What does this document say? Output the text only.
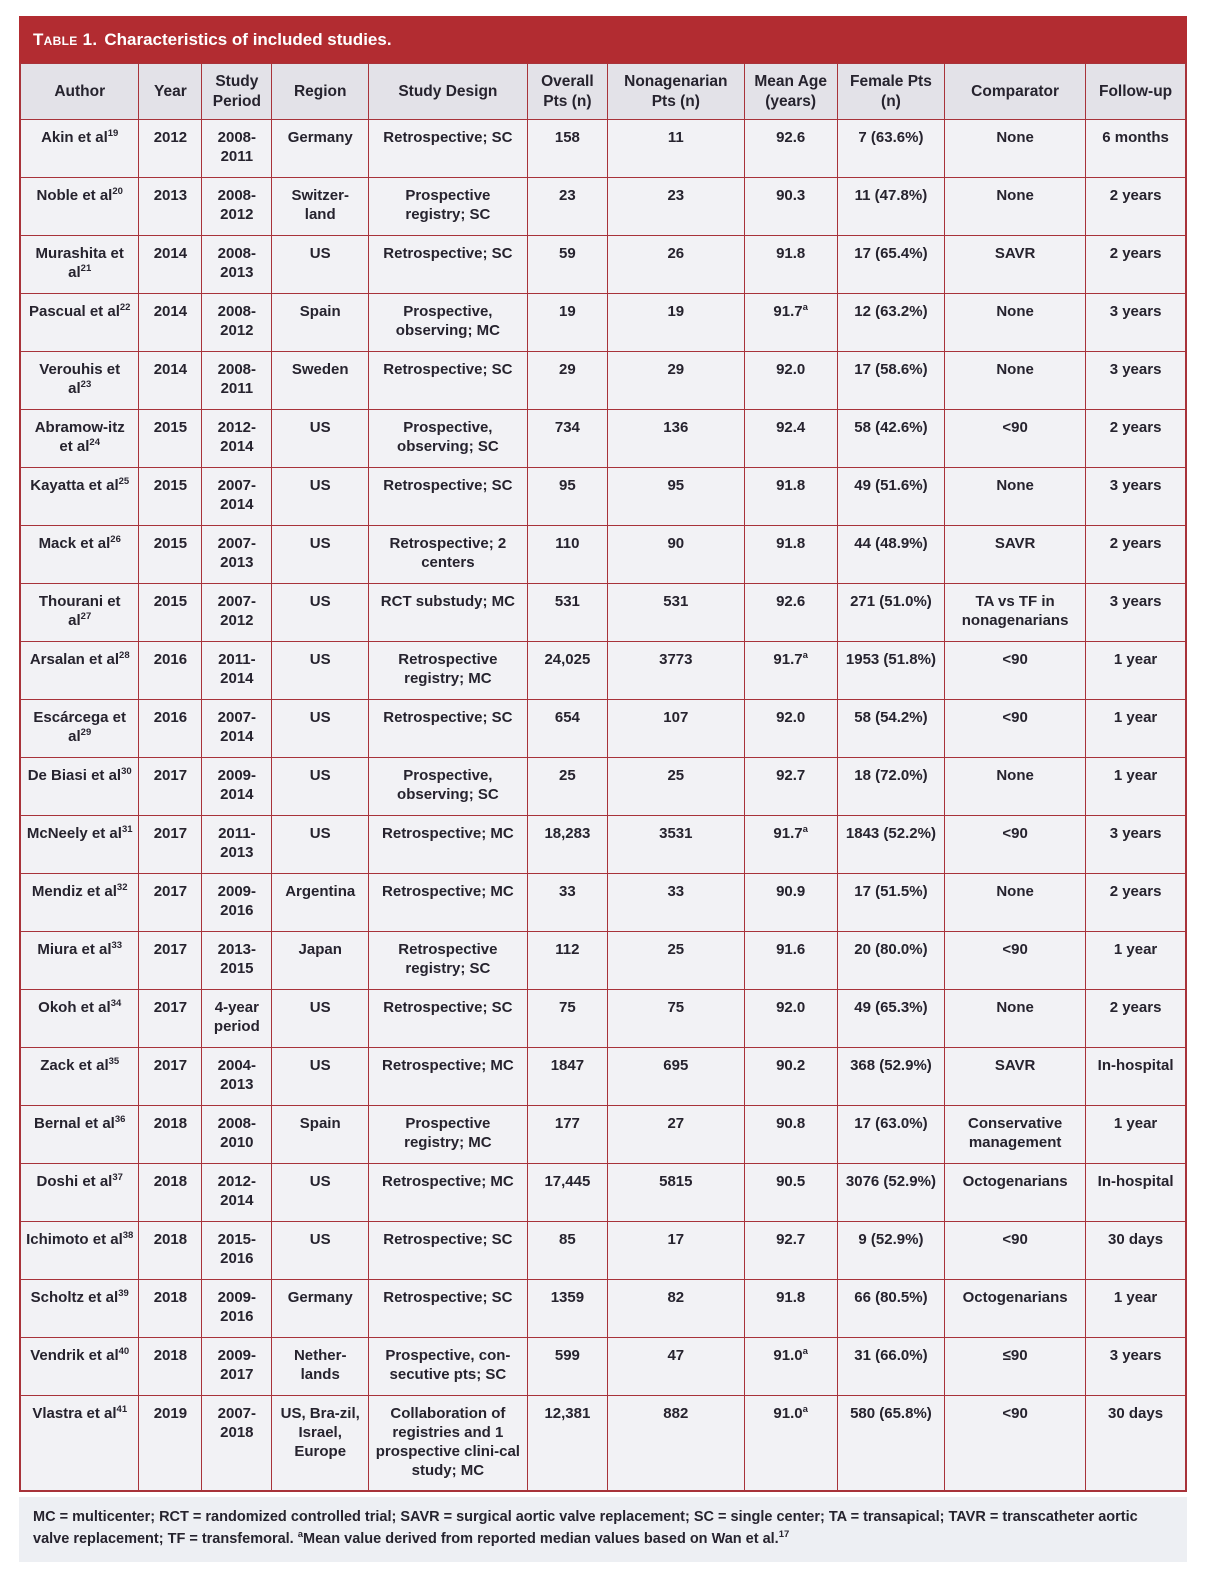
Table 1. Characteristics of included studies.
Author	Year	Study Period	Region	Study Design	Overall Pts (n)	Nonagenarian Pts (n)	Mean Age (years)	Female Pts (n)	Comparator	Follow-up
Akin et $al^{19}$	2012	2008-2011	Germany	Retrospective; SC	158	11	92.6	7 (63.6%)	None	6 months
Noble et $al^{20}$	2013	2008-2012	Switzer-land	Prospective registry; SC	23	23	90.3	11 (47.8%)	None	2 years
Murashita et $al^{21}$	2014	2008-2013	US	Retrospective; SC	59	26	91.8	17 (65.4%)	SAVR	2 years
Pascual et $al^{22}$	2014	2008-2012	Spain	Prospective, observing; MC	19	19	91.7$^a$	12 (63.2%)	None	3 years
Verouhis et $al^{23}$	2014	2008-2011	Sweden	Retrospective; SC	29	29	92.0	17 (58.6%)	None	3 years
Abramow-itz et $al^{24}$	2015	2012-2014	US	Prospective, observing; SC	734	136	92.4	58 (42.6%)	<90	2 years
Kayatta et $al^{25}$	2015	2007-2014	US	Retrospective; SC	95	95	91.8	49 (51.6%)	None	3 years
Mack et $al^{26}$	2015	2007-2013	US	Retrospective; 2 centers	110	90	91.8	44 (48.9%)	SAVR	2 years
Thourani et $al^{27}$	2015	2007-2012	US	RCT substudy; MC	531	531	92.6	271 (51.0%)	TA vs TF in nonagenarians	3 years
Arsalan et $al^{28}$	2016	2011-2014	US	Retrospective registry; MC	24,025	3773	91.7$^a$	1953 (51.8%)	<90	1 year
Escárcega et $al^{29}$	2016	2007-2014	US	Retrospective; SC	654	107	92.0	58 (54.2%)	<90	1 year
De Biasi et $al^{30}$	2017	2009-2014	US	Prospective, observing; SC	25	25	92.7	18 (72.0%)	None	1 year
McNeely et $al^{31}$	2017	2011-2013	US	Retrospective; MC	18,283	3531	91.7$^a$	1843 (52.2%)	<90	3 years
Mendiz et $al^{32}$	2017	2009-2016	Argentina	Retrospective; MC	33	33	90.9	17 (51.5%)	None	2 years
Miura et $al^{33}$	2017	2013-2015	Japan	Retrospective registry; SC	112	25	91.6	20 (80.0%)	<90	1 year
Okoh et $al^{34}$	2017	4-year period	US	Retrospective; SC	75	75	92.0	49 (65.3%)	None	2 years
Zack et $al^{35}$	2017	2004-2013	US	Retrospective; MC	1847	695	90.2	368 (52.9%)	SAVR	In-hospital
Bernal et $al^{36}$	2018	2008-2010	Spain	Prospective registry; MC	177	27	90.8	17 (63.0%)	Conservative management	1 year
Doshi et $al^{37}$	2018	2012-2014	US	Retrospective; MC	17,445	5815	90.5	3076 (52.9%)	Octogenarians	In-hospital
Ichimoto et $al^{38}$	2018	2015-2016	US	Retrospective; SC	85	17	92.7	9 (52.9%)	<90	30 days
Scholtz et $al^{39}$	2018	2009-2016	Germany	Retrospective; SC	1359	82	91.8	66 (80.5%)	Octogenarians	1 year
Vendrik et $al^{40}$	2018	2009-2017	Nether-lands	Prospective, con-secutive pts; SC	599	47	91.0$^a$	31 (66.0%)	≤90	3 years
Vlastra et $al^{41}$	2019	2007-2018	US, Bra-zil, Israel, Europe	Collaboration of registries and 1 prospective clini-cal study; MC	12,381	882	91.0$^a$	580 (65.8%)	<90	30 days
MC = multicenter; RCT = randomized controlled trial; SAVR = surgical aortic valve replacement; SC = single center; TA = transapical; TAVR = transcatheter aortic valve replacement; TF = transfemoral. $^a$Mean value derived from reported median values based on Wan et al.$^{17}$
